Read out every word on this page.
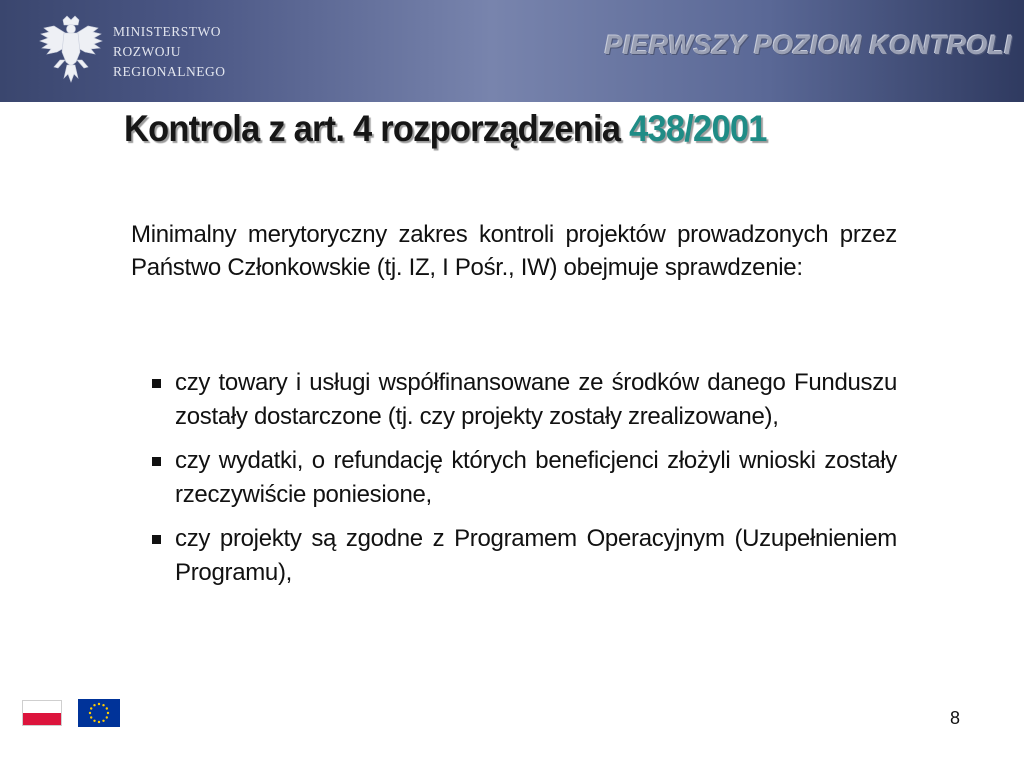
MINISTERSTWO
ROZWOJU
REGIONALNEGO
PIERWSZY POZIOM KONTROLI
Kontrola z art. 4 rozporządzenia 438/2001
Minimalny merytoryczny zakres kontroli projektów prowadzonych przez Państwo Członkowskie (tj. IZ, I Pośr., IW) obejmuje sprawdzenie:
czy towary i usługi współfinansowane ze środków danego Funduszu zostały dostarczone (tj. czy projekty zostały zrealizowane),
czy wydatki, o refundację których beneficjenci złożyli wnioski zostały rzeczywiście poniesione,
czy projekty są zgodne z Programem Operacyjnym (Uzupełnieniem Programu),
8
